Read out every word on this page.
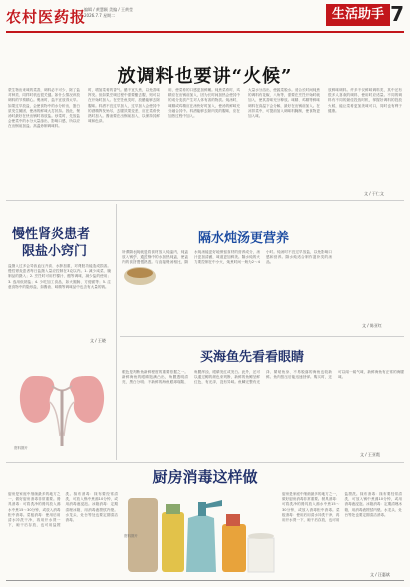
农村医药报
编辑 / 黄慧颖 美编 / 王黄莹
2026.7.7 星期二	生活助手 7
放调料也要讲“火候”
蒙生物出来味的菜香，调料必不可少，除了盐对种类、同样时机也很关键。如什么情况该放调料的节奏精心。煲汤时，盐不宜放得太早。如果过早放盐，会使食物中的水分析出，蛋白质发生凝固，使汤的鲜味大打折扣。因此，煲汤时最好在快出锅时再放盐。炒菜时，先放盐会使菜中的水分大量渗出，影响口感，所以应在出锅前加盐。高温炒制调味料。
时，增加菜肴的香气。醋不宜久煮，以免香味挥发。但如果烹调过程中需要醋去腥，则可以在开始时加入。在烹饪鱼类时，放醋能够去除腥味。料酒不宜过早加入，过早加入会使其中的酒精挥发殆尽，去腥效果变差，应在菜肴快熟时加入。酱油要在出锅前加入，以保持其鲜味和色泽。
用，使菜肴的口感更加鲜嫩。炖煮菜肴时，鸡精应在出锅前加入，因为长时间加热会使其中的成分变质产生对人体有害的物质。炖汤时，味精或鸡精应在汤快好时加入，使汤的鲜味充分融合其中。料酒能够去除肉类的腥味，应在加热过程中加入。
大量水分溶出，使蔬菜脱水。适合长时间炖煮的调料有花椒、八角等，需要在烹饪开始时就加入，使其香味充分释放。味精、鸡精等鲜味调料在高温下会分解，最好在出锅前加入。在凉拌菜中，可提前加入调味料腌制，使食物更加入味。
放鲜味调料。许多不仅鲜味调料类，其中还有很多人喜欢的调料，使用时应适量。不同的调料有不同的最佳投放时机，掌握好调料的投放火候，能让菜肴更加美味可口，同时也有利于健康。
文 / 于仁文
慢性肾炎患者
限盐小窍门
盐摄入过多会导致血压升高、水肿加重，对肾脏功能造成损害。慢性肾炎患者每日盐摄入量应控制在3克以内。1. 减少咸菜、腌制品的摄入；2. 烹饪时可用柠檬汁、醋等调味，减少盐的使用；3. 选用低钠盐；4. 少吃加工食品，如火腿肠、方便面等；5. 注意食物中的隐形盐，如酱油、味精等调味品中也含有大量的钠。
文 / 王晓
资料图片
隔水炖汤更营养
所谓隔水炖就是将食材放入炖盅内，炖盅放入锅中，通过锅中的水加热炖盅，使盅内的食材慢慢熟透。与直接煲汤相比，隔水炖汤能更好地保留食材的营养成分，汤汁更加清澈，味道更加鲜美。隔水炖的火力要控制在中小火，炖煮时间一般为2～4小时。炖汤时不宜过早放盐，以免影响口感和营养。隔水炖适合制作滋补类的汤品。
文 / 陈亚红
买海鱼先看看眼睛
眼色是判断鱼新鲜程度的重要依据之一。新鲜海鱼的眼睛饱满凸出，角膜透明清亮，黑白分明；不新鲜的海鱼眼球塌陷，角膜浑浊，眼睛发红或发白。此外，还可以通过鳃的颜色来判断，新鲜的鱼鳃呈鲜红色，有光泽，没有异味。鱼鳞完整有光泽、紧贴鱼身、不易脱落的海鱼也较新鲜。鱼肉按压后能迅速回弹。购买时，还可以闻一闻气味，新鲜海鱼有正常的海腥味。
文 / 王亚霞
厨房消毒这样做
厨房是家庭中细菌最多的地方之一，做好厨房消毒非常重要。餐具消毒：可将洗净的餐具放入沸水中煮15～30分钟，或放入消毒柜中消毒。菜板消毒：使用后用清水冲洗干净，再用开水烫一下，晾干后存放，也可用盐擦洗。抹布消毒：抹布要经常清洗，可放入锅中煮沸10分钟，或用消毒液浸泡。冰箱消毒：定期清理冰箱，用消毒液擦拭内壁。水龙头、灶台等处也要定期清洁消毒。
资料图片
厨房是家庭中细菌最多的地方之一，做好厨房消毒非常重要。餐具消毒：可将洗净的餐具放入沸水中煮15～30分钟，或放入消毒柜中消毒。菜板消毒：使用后用清水冲洗干净，再用开水烫一下，晾干后存放，也可用盐擦洗。抹布消毒：抹布要经常清洗，可放入锅中煮沸10分钟，或用消毒液浸泡。冰箱消毒：定期清理冰箱，用消毒液擦拭内壁。水龙头、灶台等处也要定期清洁消毒。
文 / 汪惠斌
